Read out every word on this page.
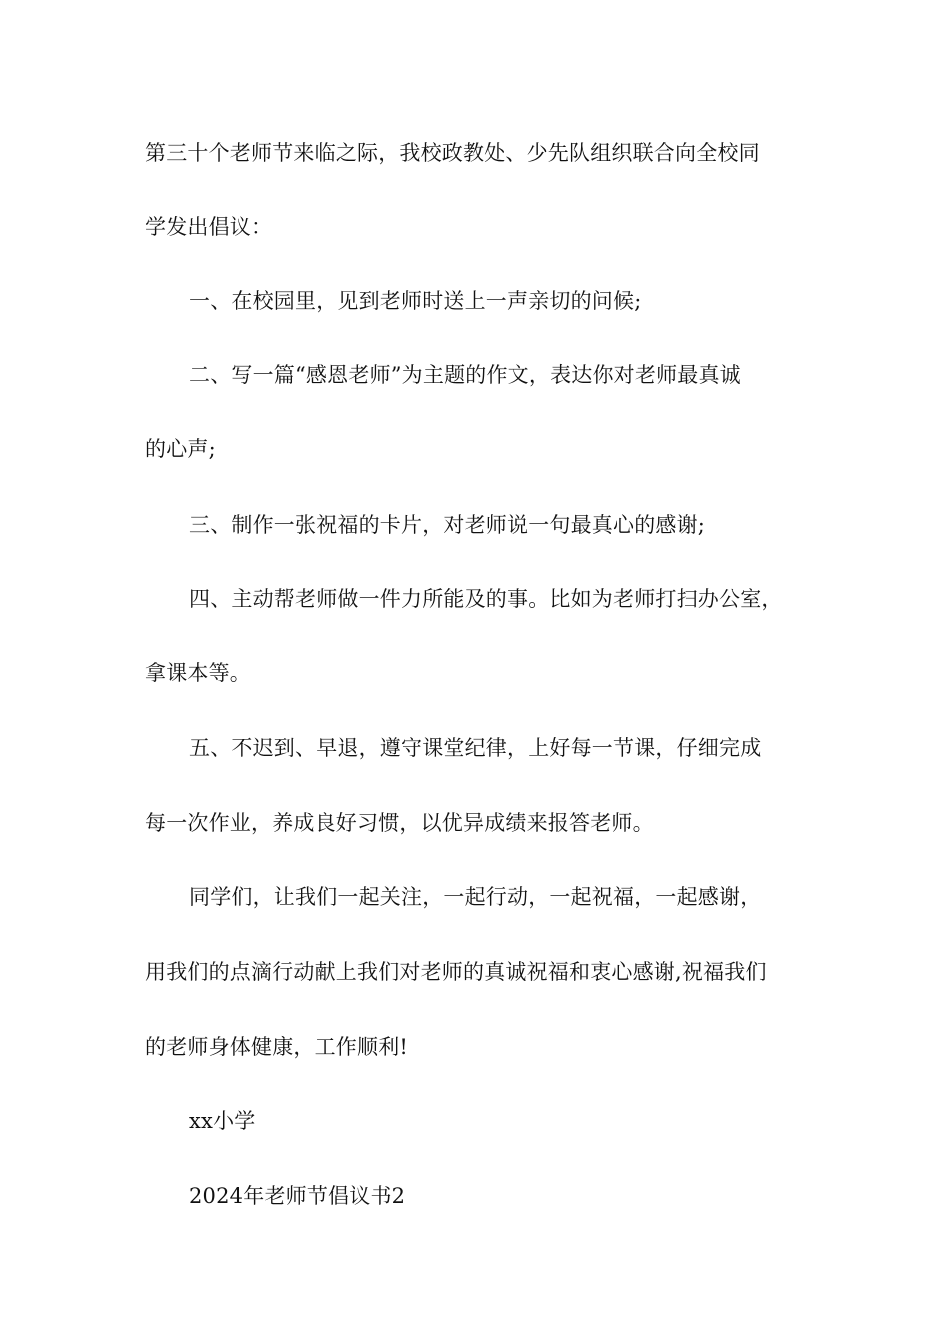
第三十个老师节来临之际，我校政教处、少先队组织联合向全校同
学发出倡议：
一、在校园里，见到老师时送上一声亲切的问候;
二、写一篇“感恩老师”为主题的作文，表达你对老师最真诚
的心声;
三、制作一张祝福的卡片，对老师说一句最真心的感谢;
四、主动帮老师做一件力所能及的事。比如为老师打扫办公室，
拿课本等。
五、不迟到、早退，遵守课堂纪律，上好每一节课，仔细完成
每一次作业，养成良好习惯，以优异成绩来报答老师。
同学们，让我们一起关注，一起行动，一起祝福，一起感谢，
用我们的点滴行动献上我们对老师的真诚祝福和衷心感谢,祝福我们
的老师身体健康，工作顺利!
xx小学
2024年老师节倡议书2
